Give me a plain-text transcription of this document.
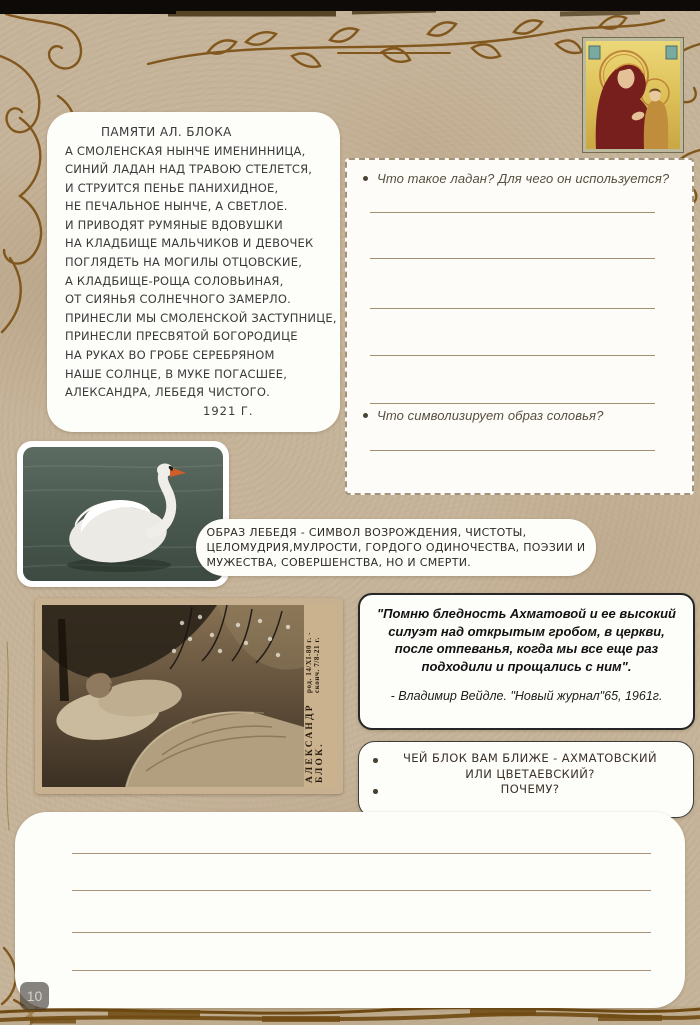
ПАМЯТИ АЛ. БЛОКА
А СМОЛЕНСКАЯ НЫНЧЕ ИМЕНИННИЦА,
СИНИЙ ЛАДАН НАД ТРАВОЮ СТЕЛЕТСЯ,
И СТРУИТСЯ ПЕНЬЕ ПАНИХИДНОЕ,
НЕ ПЕЧАЛЬНОЕ НЫНЧЕ, А СВЕТЛОЕ.
И ПРИВОДЯТ РУМЯНЫЕ ВДОВУШКИ
НА КЛАДБИЩЕ МАЛЬЧИКОВ И ДЕВОЧЕК
ПОГЛЯДЕТЬ НА МОГИЛЫ ОТЦОВСКИЕ,
А КЛАДБИЩЕ-РОЩА СОЛОВЬИНАЯ,
ОТ СИЯНЬЯ СОЛНЕЧНОГО ЗАМЕРЛО.
ПРИНЕСЛИ МЫ СМОЛЕНСКОЙ ЗАСТУПНИЦЕ,
ПРИНЕСЛИ ПРЕСВЯТОЙ БОГОРОДИЦЕ
НА РУКАХ ВО ГРОБЕ СЕРЕБРЯНОМ
НАШЕ СОЛНЦЕ, В МУКЕ ПОГАСШЕЕ,
АЛЕКСАНДРА, ЛЕБЕДЯ ЧИСТОГО.
1921 Г.
Что такое ладан? Для чего он используется?
Что символизирует образ соловья?
ОБРАЗ ЛЕБЕДЯ - СИМВОЛ ВОЗРОЖДЕНИЯ, ЧИСТОТЫ,
ЦЕЛОМУДРИЯ,МУЛРОСТИ, ГОРДОГО ОДИНОЧЕСТВА, ПОЭЗИИ И
МУЖЕСТВА, СОВЕРШЕНСТВА, НО И СМЕРТИ.
АЛЕКСАНДР БЛОК.
род. 14/XI-80 г. - сконч. 7/8-21 г.
"Помню бледность Ахматовой и ее высокий силуэт над открытым гробом, в церкви, после отпеванья, когда мы все еще раз подходили и прощались с ним".
- Владимир Вейдле. "Новый журнал"65, 1961г.
ЧЕЙ БЛОК ВАМ БЛИЖЕ - АХМАТОВСКИЙ ИЛИ ЦВЕТАЕВСКИЙ?
ПОЧЕМУ?
10
